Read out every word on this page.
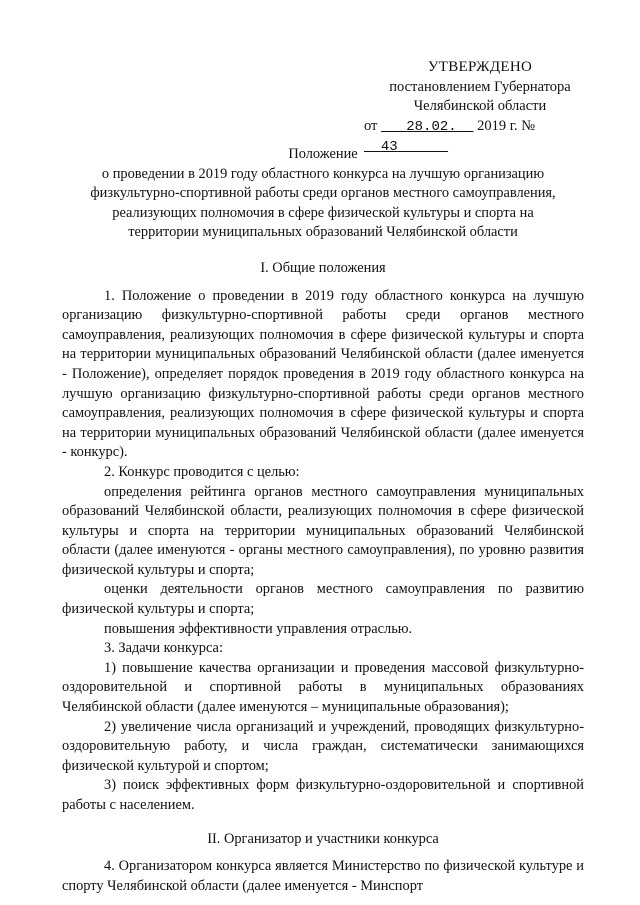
УТВЕРЖДЕНО
постановлением Губернатора
Челябинской области
от 28.02. 2019 г. №   43
Положение
о проведении в 2019 году областного конкурса на лучшую организацию
физкультурно-спортивной работы среди органов местного самоуправления,
реализующих полномочия в сфере физической культуры и спорта на
территории муниципальных образований Челябинской области
I. Общие положения

1. Положение о проведении в 2019 году областного конкурса на лучшую организацию физкультурно-спортивной работы среди органов местного самоуправления, реализующих полномочия в сфере физической культуры и спорта на территории муниципальных образований Челябинской области (далее именуется - Положение), определяет порядок проведения в 2019 году областного конкурса на лучшую организацию физкультурно-спортивной работы среди органов местного самоуправления, реализующих полномочия в сфере физической культуры и спорта на территории муниципальных образований Челябинской области (далее именуется - конкурс).

2. Конкурс проводится с целью:

определения рейтинга органов местного самоуправления муниципальных образований Челябинской области, реализующих полномочия в сфере физической культуры и спорта на территории муниципальных образований Челябинской области (далее именуются - органы местного самоуправления), по уровню развития физической культуры и спорта;

оценки деятельности органов местного самоуправления по развитию физической культуры и спорта;

повышения эффективности управления отраслью.

3. Задачи конкурса:

1) повышение качества организации и проведения массовой физкультурно-оздоровительной и спортивной работы в муниципальных образованиях Челябинской области (далее именуются – муниципальные образования);

2) увеличение числа организаций и учреждений, проводящих физкультурно-оздоровительную работу, и числа граждан, систематически занимающихся физической культурой и спортом;

3) поиск эффективных форм физкультурно-оздоровительной и спортивной работы с населением.

II. Организатор и участники конкурса

4. Организатором конкурса является Министерство по физической культуре и спорту Челябинской области (далее именуется - Минспорт
